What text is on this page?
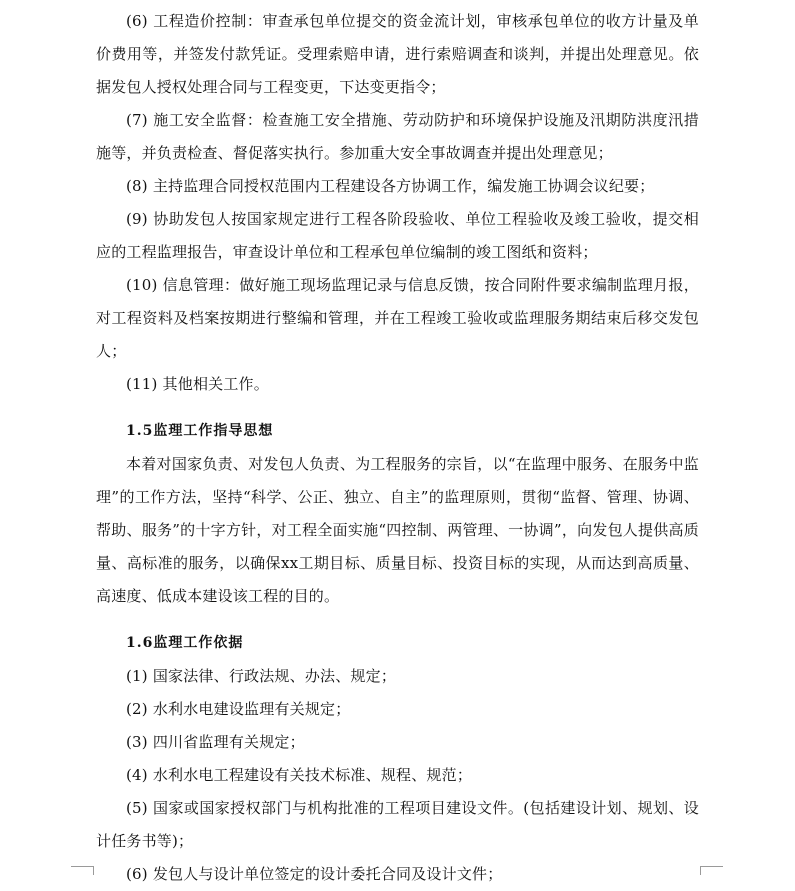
(6) 工程造价控制：审查承包单位提交的资金流计划，审核承包单位的收方计量及单价费用等，并签发付款凭证。受理索赔申请，进行索赔调查和谈判，并提出处理意见。依据发包人授权处理合同与工程变更，下达变更指令；

(7) 施工安全监督：检查施工安全措施、劳动防护和环境保护设施及汛期防洪度汛措施等，并负责检查、督促落实执行。参加重大安全事故调查并提出处理意见；

(8) 主持监理合同授权范围内工程建设各方协调工作，编发施工协调会议纪要；

(9) 协助发包人按国家规定进行工程各阶段验收、单位工程验收及竣工验收，提交相应的工程监理报告，审查设计单位和工程承包单位编制的竣工图纸和资料；

(10) 信息管理：做好施工现场监理记录与信息反馈，按合同附件要求编制监理月报，对工程资料及档案按期进行整编和管理，并在工程竣工验收或监理服务期结束后移交发包人；

(11) 其他相关工作。

1.5监理工作指导思想

本着对国家负责、对发包人负责、为工程服务的宗旨，以“在监理中服务、在服务中监理”的工作方法，坚持“科学、公正、独立、自主”的监理原则，贯彻“监督、管理、协调、帮助、服务”的十字方针，对工程全面实施“四控制、两管理、一协调”，向发包人提供高质量、高标准的服务，以确保xx工期目标、质量目标、投资目标的实现，从而达到高质量、高速度、低成本建设该工程的目的。

1.6监理工作依据

(1) 国家法律、行政法规、办法、规定；

(2) 水利水电建设监理有关规定；

(3) 四川省监理有关规定；

(4) 水利水电工程建设有关技术标准、规程、规范；

(5) 国家或国家授权部门与机构批准的工程项目建设文件。(包括建设计划、规划、设计任务书等)；

(6) 发包人与设计单位签定的设计委托合同及设计文件；
